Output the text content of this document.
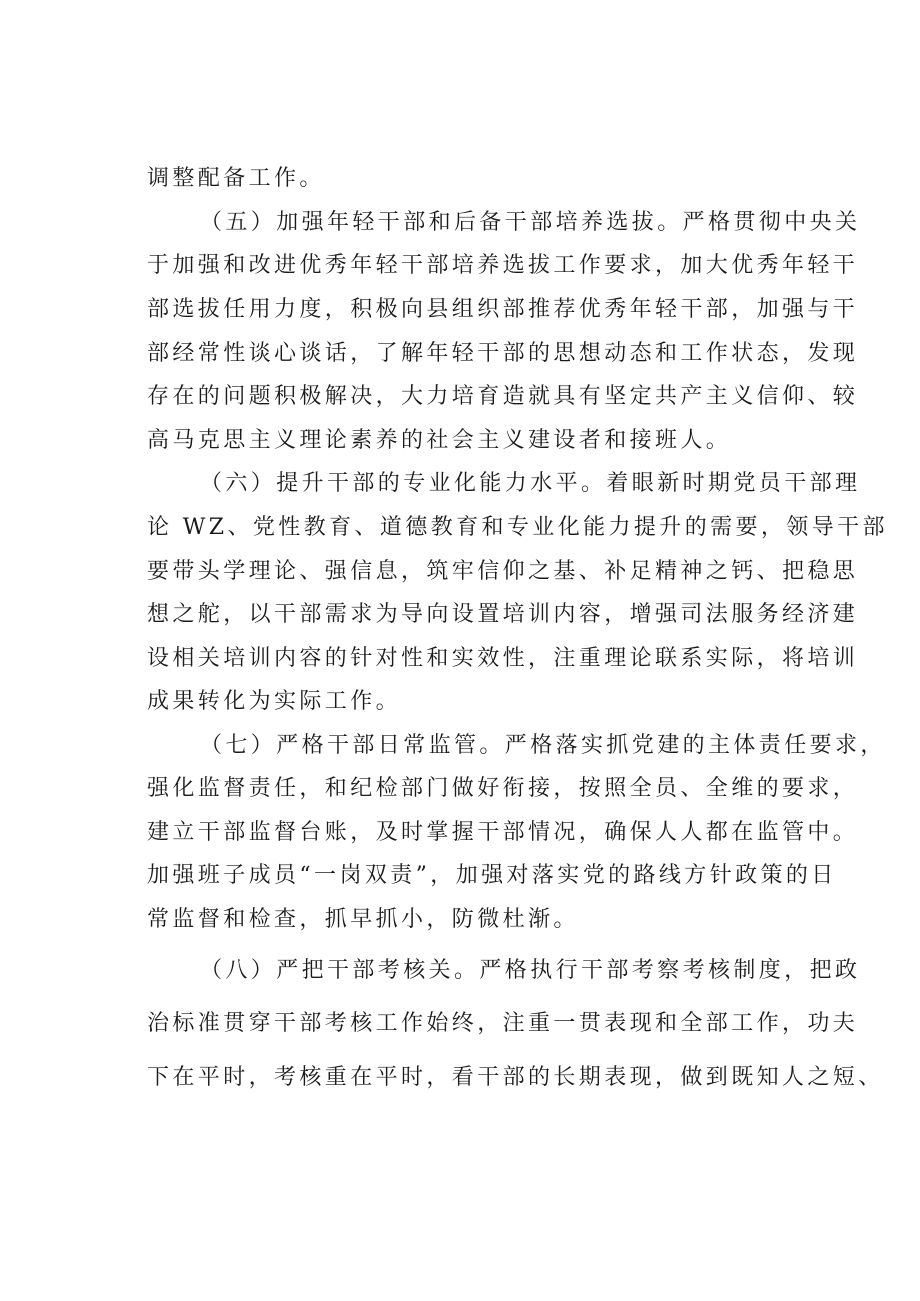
调整配备工作。
（五）加强年轻干部和后备干部培养选拔。严格贯彻中央关
于加强和改进优秀年轻干部培养选拔工作要求，加大优秀年轻干
部选拔任用力度，积极向县组织部推荐优秀年轻干部，加强与干
部经常性谈心谈话，了解年轻干部的思想动态和工作状态，发现
存在的问题积极解决，大力培育造就具有坚定共产主义信仰、较
高马克思主义理论素养的社会主义建设者和接班人。
（六）提升干部的专业化能力水平。着眼新时期党员干部理
论 WZ、党性教育、道德教育和专业化能力提升的需要，领导干部
要带头学理论、强信息，筑牢信仰之基、补足精神之钙、把稳思
想之舵，以干部需求为导向设置培训内容，增强司法服务经济建
设相关培训内容的针对性和实效性，注重理论联系实际，将培训
成果转化为实际工作。
（七）严格干部日常监管。严格落实抓党建的主体责任要求，
强化监督责任，和纪检部门做好衔接，按照全员、全维的要求，
建立干部监督台账，及时掌握干部情况，确保人人都在监管中。
加强班子成员“一岗双责”，加强对落实党的路线方针政策的日
常监督和检查，抓早抓小，防微杜渐。
（八）严把干部考核关。严格执行干部考察考核制度，把政
治标准贯穿干部考核工作始终，注重一贯表现和全部工作，功夫
下在平时，考核重在平时，看干部的长期表现，做到既知人之短、
